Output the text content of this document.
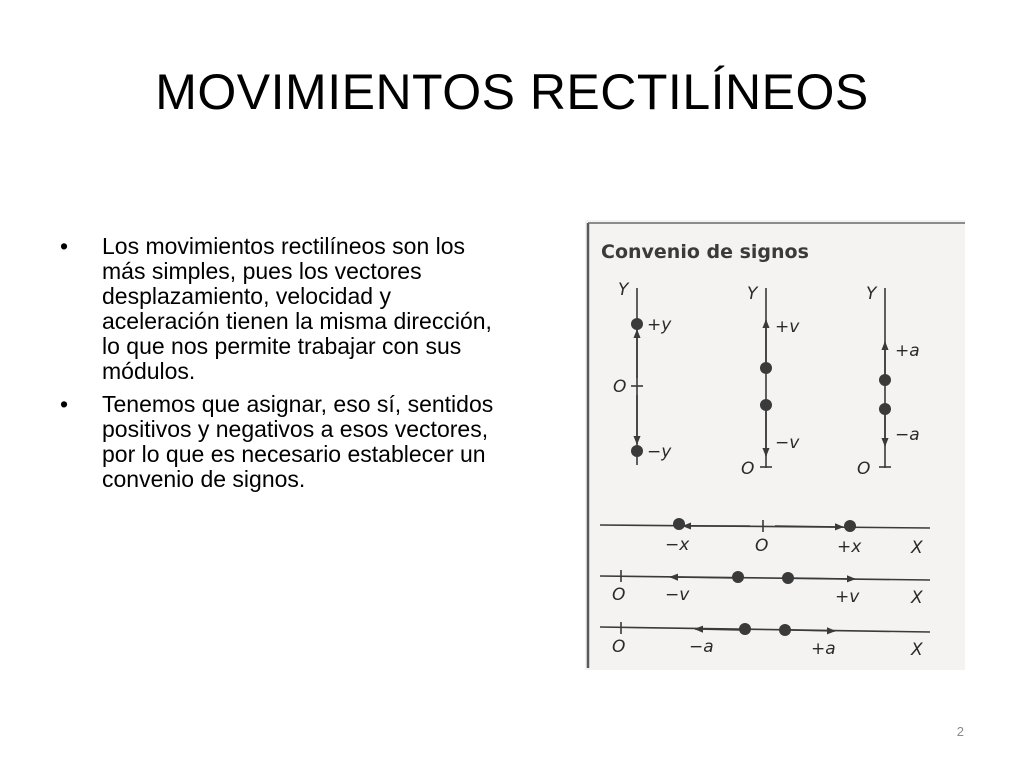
MOVIMIENTOS RECTILÍNEOS
•	Los movimientos rectilíneos son los más simples, pues los vectores desplazamiento, velocidad y aceleración tienen la misma dirección, lo que nos permite trabajar con sus módulos.
•	Tenemos que asignar, eso sí, sentidos positivos y negativos a esos vectores, por lo que es necesario establecer un convenio de signos.
Convenio de signos
Y
+y
O
−y
Y
+v
−v
O
Y
+a
−a
O
−x	O	+x	X
O −v	+v	X
O	−a	+a	X
2
